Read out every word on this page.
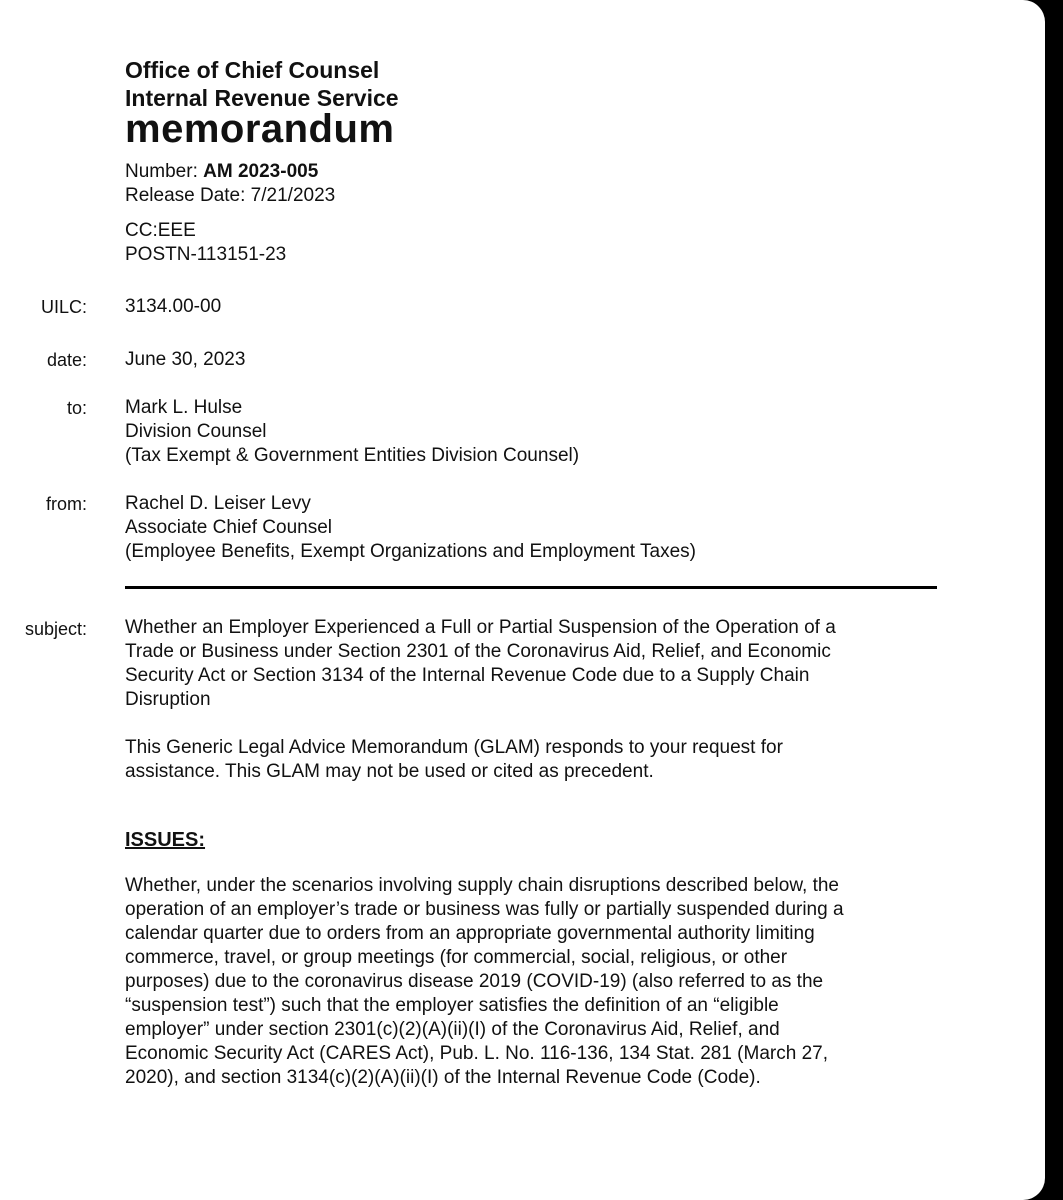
Office of Chief Counsel
Internal Revenue Service
memorandum
Number: AM 2023-005
Release Date: 7/21/2023
CC:EEE
POSTN-113151-23
UILC: 3134.00-00
date: June 30, 2023
to: Mark L. Hulse
Division Counsel
(Tax Exempt & Government Entities Division Counsel)
from: Rachel D. Leiser Levy
Associate Chief Counsel
(Employee Benefits, Exempt Organizations and Employment Taxes)
subject: Whether an Employer Experienced a Full or Partial Suspension of the Operation of a
Trade or Business under Section 2301 of the Coronavirus Aid, Relief, and Economic
Security Act or Section 3134 of the Internal Revenue Code due to a Supply Chain
Disruption
This Generic Legal Advice Memorandum (GLAM) responds to your request for
assistance. This GLAM may not be used or cited as precedent.
ISSUES:
Whether, under the scenarios involving supply chain disruptions described below, the
operation of an employer’s trade or business was fully or partially suspended during a
calendar quarter due to orders from an appropriate governmental authority limiting
commerce, travel, or group meetings (for commercial, social, religious, or other
purposes) due to the coronavirus disease 2019 (COVID-19) (also referred to as the
“suspension test”) such that the employer satisfies the definition of an “eligible
employer” under section 2301(c)(2)(A)(ii)(I) of the Coronavirus Aid, Relief, and
Economic Security Act (CARES Act), Pub. L. No. 116-136, 134 Stat. 281 (March 27,
2020), and section 3134(c)(2)(A)(ii)(I) of the Internal Revenue Code (Code).
